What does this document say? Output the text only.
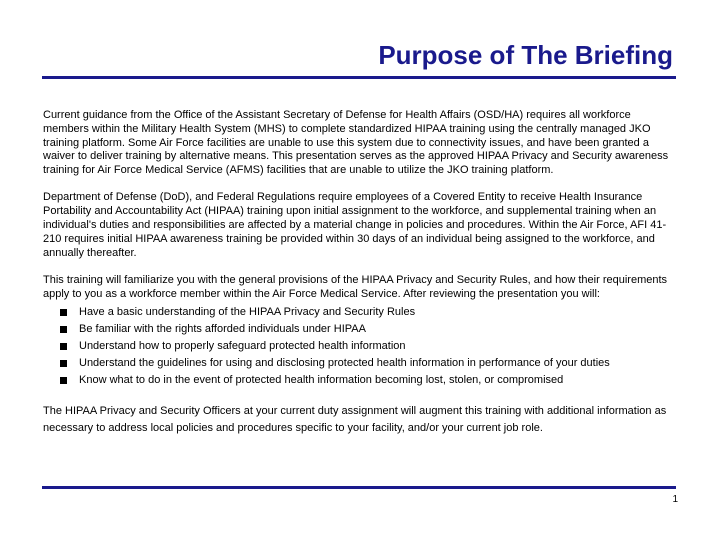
Purpose of The Briefing

Current guidance from the Office of the Assistant Secretary of Defense for Health Affairs (OSD/HA) requires all workforce members within the Military Health System (MHS) to complete standardized HIPAA training using the centrally managed JKO training platform. Some Air Force facilities are unable to use this system due to connectivity issues, and have been granted a waiver to deliver training by alternative means. This presentation serves as the approved HIPAA Privacy and Security awareness training for Air Force Medical Service (AFMS) facilities that are unable to utilize the JKO training platform.

Department of Defense (DoD), and Federal Regulations require employees of a Covered Entity to receive Health Insurance Portability and Accountability Act (HIPAA) training upon initial assignment to the workforce, and supplemental training when an individual's duties and responsibilities are affected by a material change in policies and procedures. Within the Air Force, AFI 41-210 requires initial HIPAA awareness training be provided within 30 days of an individual being assigned to the workforce, and annually thereafter.

This training will familiarize you with the general provisions of the HIPAA Privacy and Security Rules, and how their requirements apply to you as a workforce member within the Air Force Medical Service. After reviewing the presentation you will:

Have a basic understanding of the HIPAA Privacy and Security Rules
Be familiar with the rights afforded individuals under HIPAA
Understand how to properly safeguard protected health information
Understand the guidelines for using and disclosing protected health information in performance of your duties
Know what to do in the event of protected health information becoming lost, stolen, or compromised

The HIPAA Privacy and Security Officers at your current duty assignment will augment this training with additional information as necessary to address local policies and procedures specific to your facility, and/or your current job role.

1
